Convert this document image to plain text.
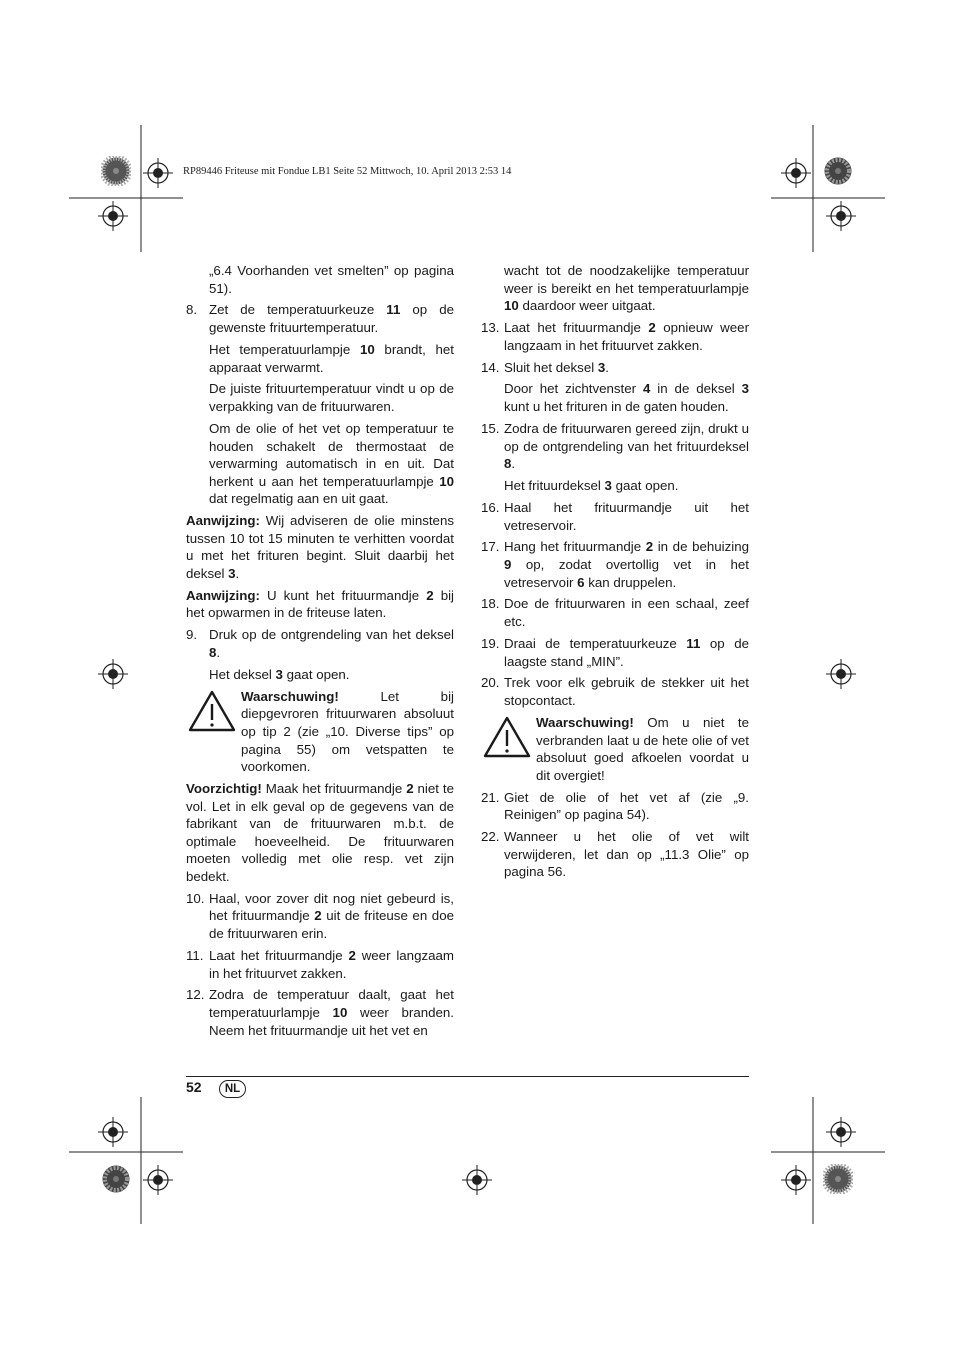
RP89446 Friteuse mit Fondue LB1 Seite 52 Mittwoch, 10. April 2013 2:53 14
„6.4 Voorhanden vet smelten” op pagina 51).
8. Zet de temperatuurkeuze 11 op de gewenste frituurtemperatuur.
Het temperatuurlampje 10 brandt, het apparaat verwarmt.
De juiste frituurtemperatuur vindt u op de verpakking van de frituurwaren.
Om de olie of het vet op temperatuur te houden schakelt de thermostaat de verwarming automatisch in en uit. Dat herkent u aan het temperatuurlampje 10 dat regelmatig aan en uit gaat.
Aanwijzing: Wij adviseren de olie minstens tussen 10 tot 15 minuten te verhitten voordat u met het frituren begint. Sluit daarbij het deksel 3.
Aanwijzing: U kunt het frituurmandje 2 bij het opwarmen in de friteuse laten.
9. Druk op de ontgrendeling van het deksel 8.
Het deksel 3 gaat open.
Waarschuwing! Let bij diepgevroren frituurwaren absoluut op tip 2 (zie „10. Diverse tips” op pagina 55) om vetspatten te voorkomen.
Voorzichtig! Maak het frituurmandje 2 niet te vol. Let in elk geval op de gegevens van de fabrikant van de frituurwaren m.b.t. de optimale hoeveelheid. De frituurwaren moeten volledig met olie resp. vet zijn bedekt.
10. Haal, voor zover dit nog niet gebeurd is, het frituurmandje 2 uit de friteuse en doe de frituurwaren erin.
11. Laat het frituurmandje 2 weer langzaam in het frituurvet zakken.
12. Zodra de temperatuur daalt, gaat het temperatuurlampje 10 weer branden. Neem het frituurmandje uit het vet en
wacht tot de noodzakelijke temperatuur weer is bereikt en het temperatuurlampje 10 daardoor weer uitgaat.
13. Laat het frituurmandje 2 opnieuw weer langzaam in het frituurvet zakken.
14. Sluit het deksel 3.
Door het zichtvenster 4 in de deksel 3 kunt u het frituren in de gaten houden.
15. Zodra de frituurwaren gereed zijn, drukt u op de ontgrendeling van het frituurdeksel 8.
Het frituurdeksel 3 gaat open.
16. Haal het frituurmandje uit het vetreservoir.
17. Hang het frituurmandje 2 in de behuizing 9 op, zodat overtollig vet in het vetreservoir 6 kan druppelen.
18. Doe de frituurwaren in een schaal, zeef etc.
19. Draai de temperatuurkeuze 11 op de laagste stand „MIN”.
20. Trek voor elk gebruik de stekker uit het stopcontact.
Waarschuwing! Om u niet te verbranden laat u de hete olie of vet absoluut goed afkoelen voordat u dit overgiet!
21. Giet de olie of het vet af (zie „9. Reinigen” op pagina 54).
22. Wanneer u het olie of vet wilt verwijderen, let dan op „11.3 Olie” op pagina 56.
52	NL
